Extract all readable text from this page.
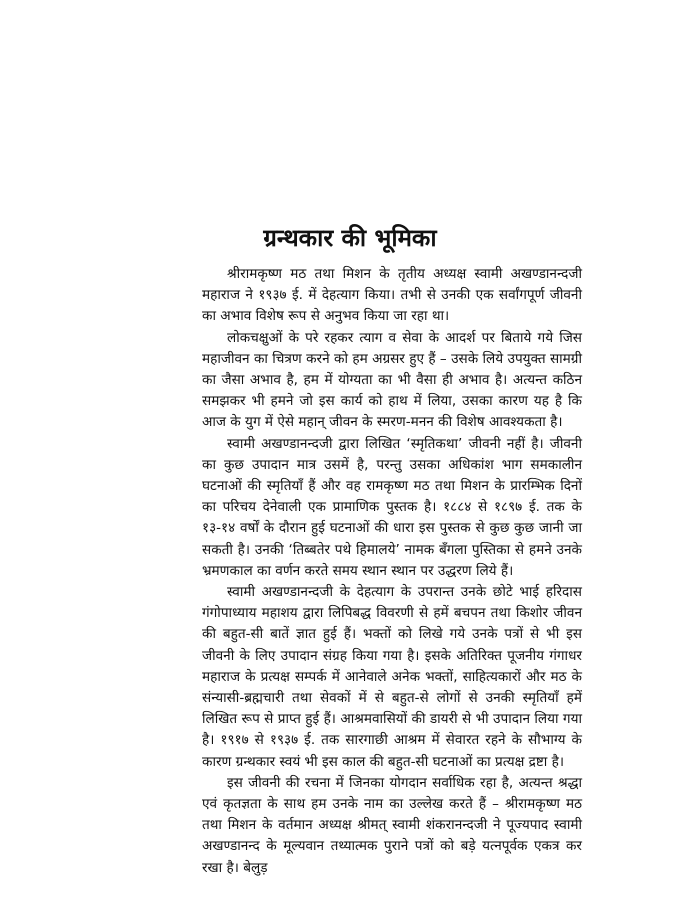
ग्रन्थकार की भूमिका

श्रीरामकृष्ण मठ तथा मिशन के तृतीय अध्यक्ष स्वामी अखण्डानन्दजी महाराज ने १९३७ ई. में देहत्याग किया। तभी से उनकी एक सर्वांगपूर्ण जीवनी का अभाव विशेष रूप से अनुभव किया जा रहा था।

लोकचक्षुओं के परे रहकर त्याग व सेवा के आदर्श पर बिताये गये जिस महाजीवन का चित्रण करने को हम अग्रसर हुए हैं – उसके लिये उपयुक्त सामग्री का जैसा अभाव है, हम में योग्यता का भी वैसा ही अभाव है। अत्यन्त कठिन समझकर भी हमने जो इस कार्य को हाथ में लिया, उसका कारण यह है कि आज के युग में ऐसे महान् जीवन के स्मरण-मनन की विशेष आवश्यकता है।

स्वामी अखण्डानन्दजी द्वारा लिखित ‘स्मृतिकथा’ जीवनी नहीं है। जीवनी का कुछ उपादान मात्र उसमें है, परन्तु उसका अधिकांश भाग समकालीन घटनाओं की स्मृतियाँ हैं और वह रामकृष्ण मठ तथा मिशन के प्रारम्भिक दिनों का परिचय देनेवाली एक प्रामाणिक पुस्तक है। १८८४ से १८९७ ई. तक के १३-१४ वर्षों के दौरान हुई घटनाओं की धारा इस पुस्तक से कुछ कुछ जानी जा सकती है। उनकी ‘तिब्बतेर पथे हिमालये’ नामक बँगला पुस्तिका से हमने उनके भ्रमणकाल का वर्णन करते समय स्थान स्थान पर उद्धरण लिये हैं।

स्वामी अखण्डानन्दजी के देहत्याग के उपरान्त उनके छोटे भाई हरिदास गंगोपाध्याय महाशय द्वारा लिपिबद्ध विवरणी से हमें बचपन तथा किशोर जीवन की बहुत-सी बातें ज्ञात हुई हैं। भक्तों को लिखे गये उनके पत्रों से भी इस जीवनी के लिए उपादान संग्रह किया गया है। इसके अतिरिक्त पूजनीय गंगाधर महाराज के प्रत्यक्ष सम्पर्क में आनेवाले अनेक भक्तों, साहित्यकारों और मठ के संन्यासी-ब्रह्मचारी तथा सेवकों में से बहुत-से लोगों से उनकी स्मृतियाँ हमें लिखित रूप से प्राप्त हुई हैं। आश्रमवासियों की डायरी से भी उपादान लिया गया है। १९१७ से १९३७ ई. तक सारगाछी आश्रम में सेवारत रहने के सौभाग्य के कारण ग्रन्थकार स्वयं भी इस काल की बहुत-सी घटनाओं का प्रत्यक्ष द्रष्टा है।

इस जीवनी की रचना में जिनका योगदान सर्वाधिक रहा है, अत्यन्त श्रद्धा एवं कृतज्ञता के साथ हम उनके नाम का उल्लेख करते हैं – श्रीरामकृष्ण मठ तथा मिशन के वर्तमान अध्यक्ष श्रीमत् स्वामी शंकरानन्दजी ने पूज्यपाद स्वामी अखण्डानन्द के मूल्यवान तथ्यात्मक पुराने पत्रों को बड़े यत्नपूर्वक एकत्र कर रखा है। बेलुड़
